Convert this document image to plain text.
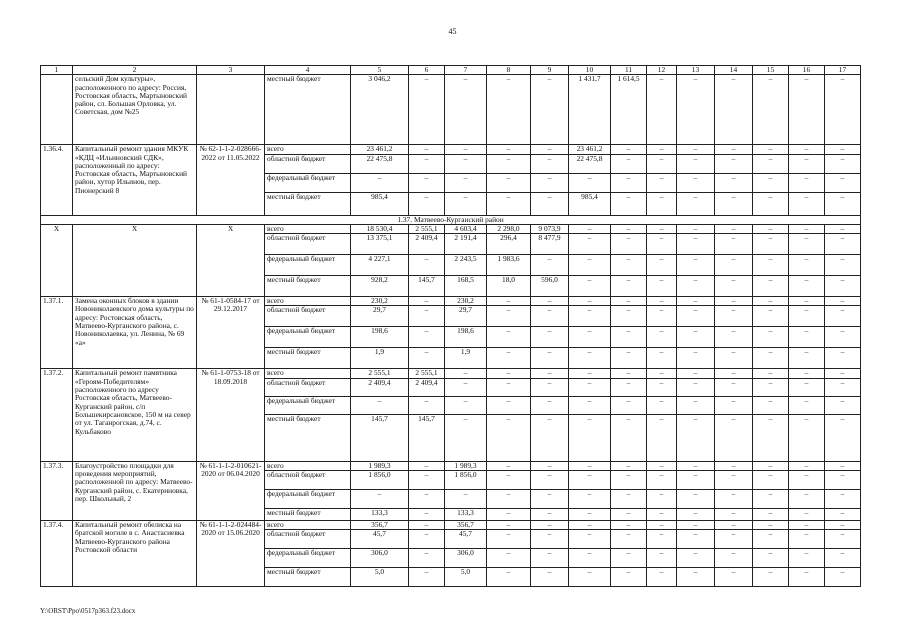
45
1	2	3	4	5	6	7	8	9	10	11	12	13	14	15	16	17
	сельский Дом культуры», расположенного по адресу: Россия, Ростовская область, Мартыновский район, сл. Большая Орловка, ул. Советская, дом №25		местный бюджет	3 046,2	–	–	–	–	1 431,7	1 614,5	–	–	–	–	–	–
1.36.4.	Капитальный ремонт здания МКУК «КДЦ «Ильиновский СДК», расположенный по адресу: Ростовская область, Мартыновский район, хутор Ильинов, пер. Пионерский 8	№ 62-1-1-2-028666-2022 от 11.05.2022	всего	23 461,2	–	–	–	–	23 461,2	–	–	–	–	–	–	–
			областной бюджет	22 475,8	–	–	–	–	22 475,8	–	–	–	–	–	–	–
			федеральный бюджет	–	–	–	–	–	–	–	–	–	–	–	–	–
			местный бюджет	985,4	–	–	–	–	985,4	–	–	–	–	–	–	–
1.37. Матвеево-Курганский район																
Х	Х	Х	всего	18 530,4	2 555,1	4 603,4	2 298,0	9 073,9	–	–	–	–	–	–	–	–
			областной бюджет	13 375,1	2 409,4	2 191,4	296,4	8 477,9	–	–	–	–	–	–	–	–
			федеральный бюджет	4 227,1	–	2 243,5	1 983,6	–	–	–	–	–	–	–	–	–
			местный бюджет	928,2	145,7	168,5	18,0	596,0	–	–	–	–	–	–	–	–
1.37.1.	Замена оконных блоков в здании Новониколаевского дома культуры по адресу: Ростовская область, Матвеево-Курганского района, с. Новониколаевка, ул. Ленина, № 69 «а»	№ 61-1-0584-17 от 29.12.2017	всего	230,2	–	230,2	–	–	–	–	–	–	–	–	–	–
			областной бюджет	29,7	–	29,7	–	–	–	–	–	–	–	–	–	–
			федеральный бюджет	198,6	–	198,6	–	–	–	–	–	–	–	–	–	–
			местный бюджет	1,9	–	1,9	–	–	–	–	–	–	–	–	–	–
1.37.2.	Капитальный ремонт памятника «Героям-Победителям» расположенного по адресу Ростовская область, Матвеево-Курганский район, с/п Большекирсановское, 150 м на север от ул. Таганрогская, д.74, с. Кульбаково	№ 61-1-0753-18 от 18.09.2018	всего	2 555,1	2 555,1	–	–	–	–	–	–	–	–	–	–	–
			областной бюджет	2 409,4	2 409,4	–	–	–	–	–	–	–	–	–	–	–
			федеральный бюджет	–	–	–	–	–	–	–	–	–	–	–	–	–
			местный бюджет	145,7	145,7	–	–	–	–	–	–	–	–	–	–	–
1.37.3.	Благоустройство площадки для проведения мероприятий, расположенной по адресу: Матвеево-Курганский район, с. Екатериновка, пер. Школьный, 2	№ 61-1-1-2-010621-2020 от 06.04.2020	всего	1 989,3	–	1 989,3	–	–	–	–	–	–	–	–	–	–
			областной бюджет	1 856,0	–	1 856,0	–	–	–	–	–	–	–	–	–	–
			федеральный бюджет	–	–	–	–	–	–	–	–	–	–	–	–	–
			местный бюджет	133,3	–	133,3	–	–	–	–	–	–	–	–	–	–
1.37.4.	Капитальный ремонт обелиска на братской могиле в с. Анастасиевка Матвеево-Курганского района Ростовской области	№ 61-1-1-2-024484-2020 от 15.06.2020	всего	356,7	–	356,7	–	–	–	–	–	–	–	–	–	–
			областной бюджет	45,7	–	45,7	–	–	–	–	–	–	–	–	–	–
			федеральный бюджет	306,0	–	306,0	–	–	–	–	–	–	–	–	–	–
			местный бюджет	5,0	–	5,0	–	–	–	–	–	–	–	–	–	–
Y:\ORST\Ppo\0517p363.f23.docx
